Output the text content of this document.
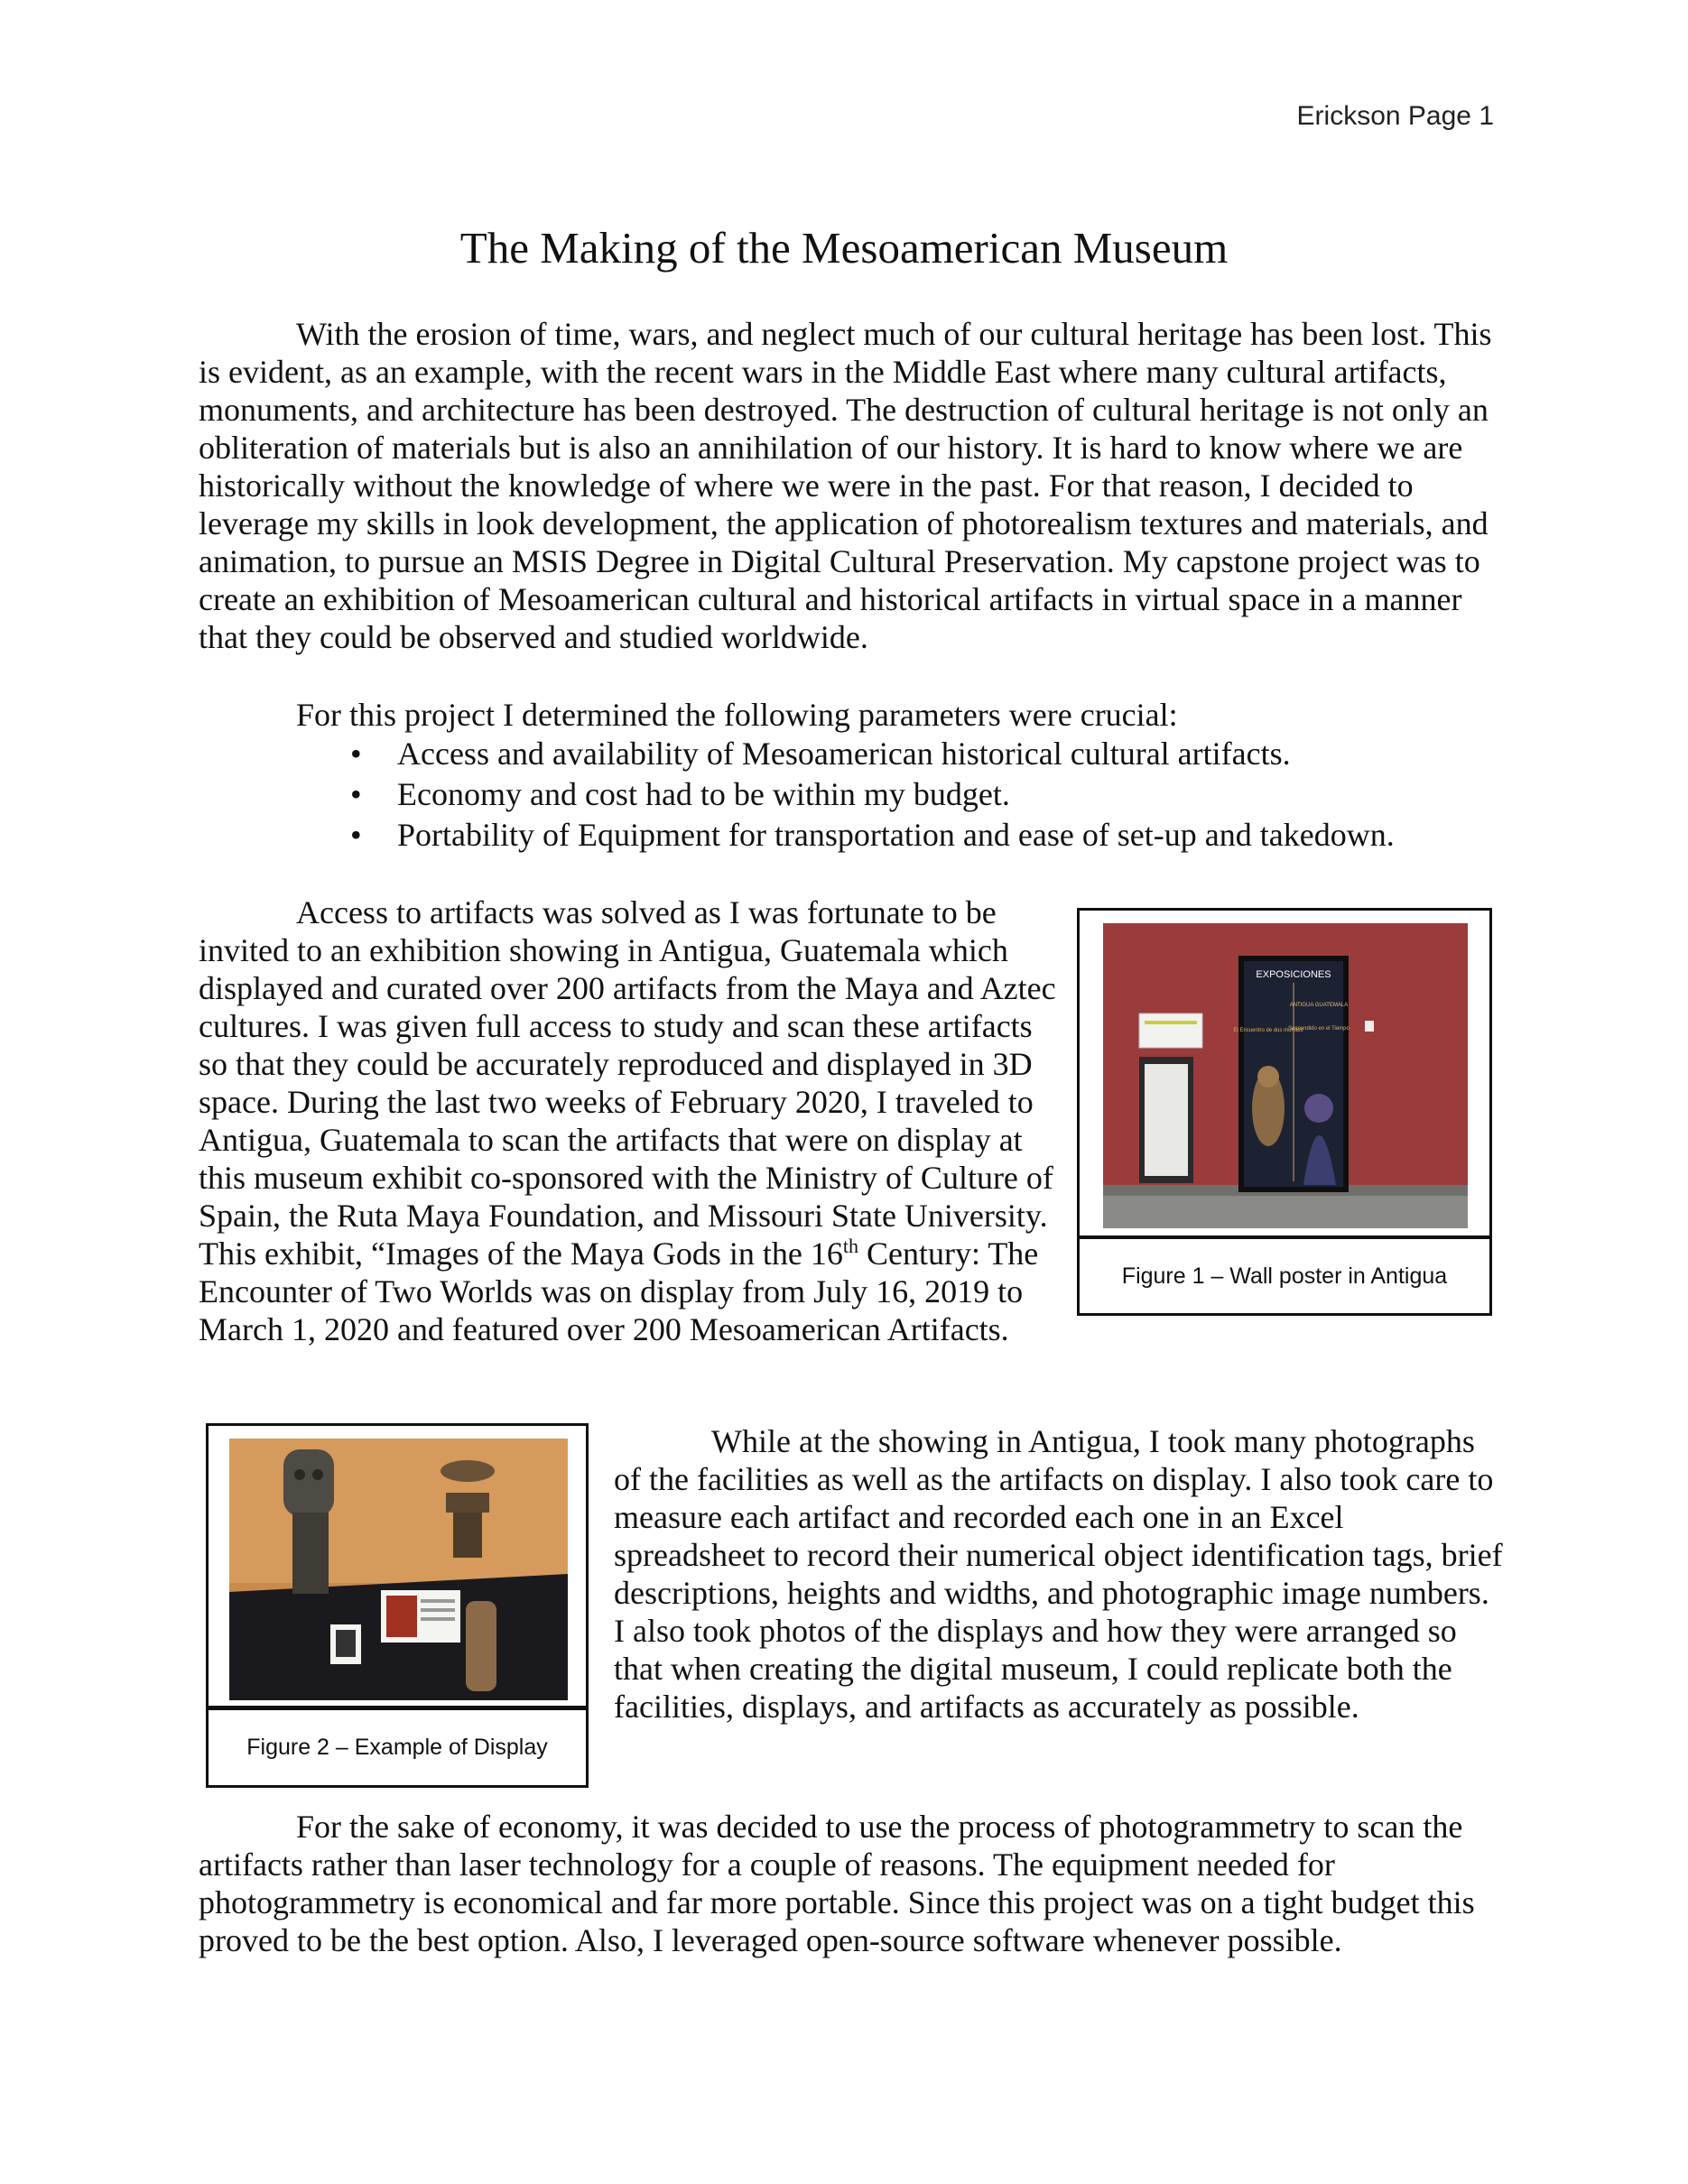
Erickson Page 1
The Making of the Mesoamerican Museum

With the erosion of time, wars, and neglect much of our cultural heritage has been lost. This is evident, as an example, with the recent wars in the Middle East where many cultural artifacts, monuments, and architecture has been destroyed. The destruction of cultural heritage is not only an obliteration of materials but is also an annihilation of our history. It is hard to know where we are historically without the knowledge of where we were in the past. For that reason, I decided to leverage my skills in look development, the application of photorealism textures and materials, and animation, to pursue an MSIS Degree in Digital Cultural Preservation. My capstone project was to create an exhibition of Mesoamerican cultural and historical artifacts in virtual space in a manner that they could be observed and studied worldwide.

For this project I determined the following parameters were crucial:

• Access and availability of Mesoamerican historical cultural artifacts.
• Economy and cost had to be within my budget.
• Portability of Equipment for transportation and ease of set-up and takedown.

Access to artifacts was solved as I was fortunate to be invited to an exhibition showing in Antigua, Guatemala which displayed and curated over 200 artifacts from the Maya and Aztec cultures. I was given full access to study and scan these artifacts so that they could be accurately reproduced and displayed in 3D space. During the last two weeks of February 2020, I traveled to Antigua, Guatemala to scan the artifacts that were on display at this museum exhibit co-sponsored with the Ministry of Culture of Spain, the Ruta Maya Foundation, and Missouri State University. This exhibit, “Images of the Maya Gods in the 16th Century: The Encounter of Two Worlds was on display from July 16, 2019 to March 1, 2020 and featured over 200 Mesoamerican Artifacts.

EXPOSICIONES
El Encuentro de dos mundos
ANTIGUA GUATEMALA
Suspendido en el Tiempo
Figure 1 – Wall poster in Antigua
Figure 2 – Example of Display

While at the showing in Antigua, I took many photographs of the facilities as well as the artifacts on display. I also took care to measure each artifact and recorded each one in an Excel spreadsheet to record their numerical object identification tags, brief descriptions, heights and widths, and photographic image numbers. I also took photos of the displays and how they were arranged so that when creating the digital museum, I could replicate both the facilities, displays, and artifacts as accurately as possible.

For the sake of economy, it was decided to use the process of photogrammetry to scan the artifacts rather than laser technology for a couple of reasons. The equipment needed for photogrammetry is economical and far more portable. Since this project was on a tight budget this proved to be the best option. Also, I leveraged open-source software whenever possible.
